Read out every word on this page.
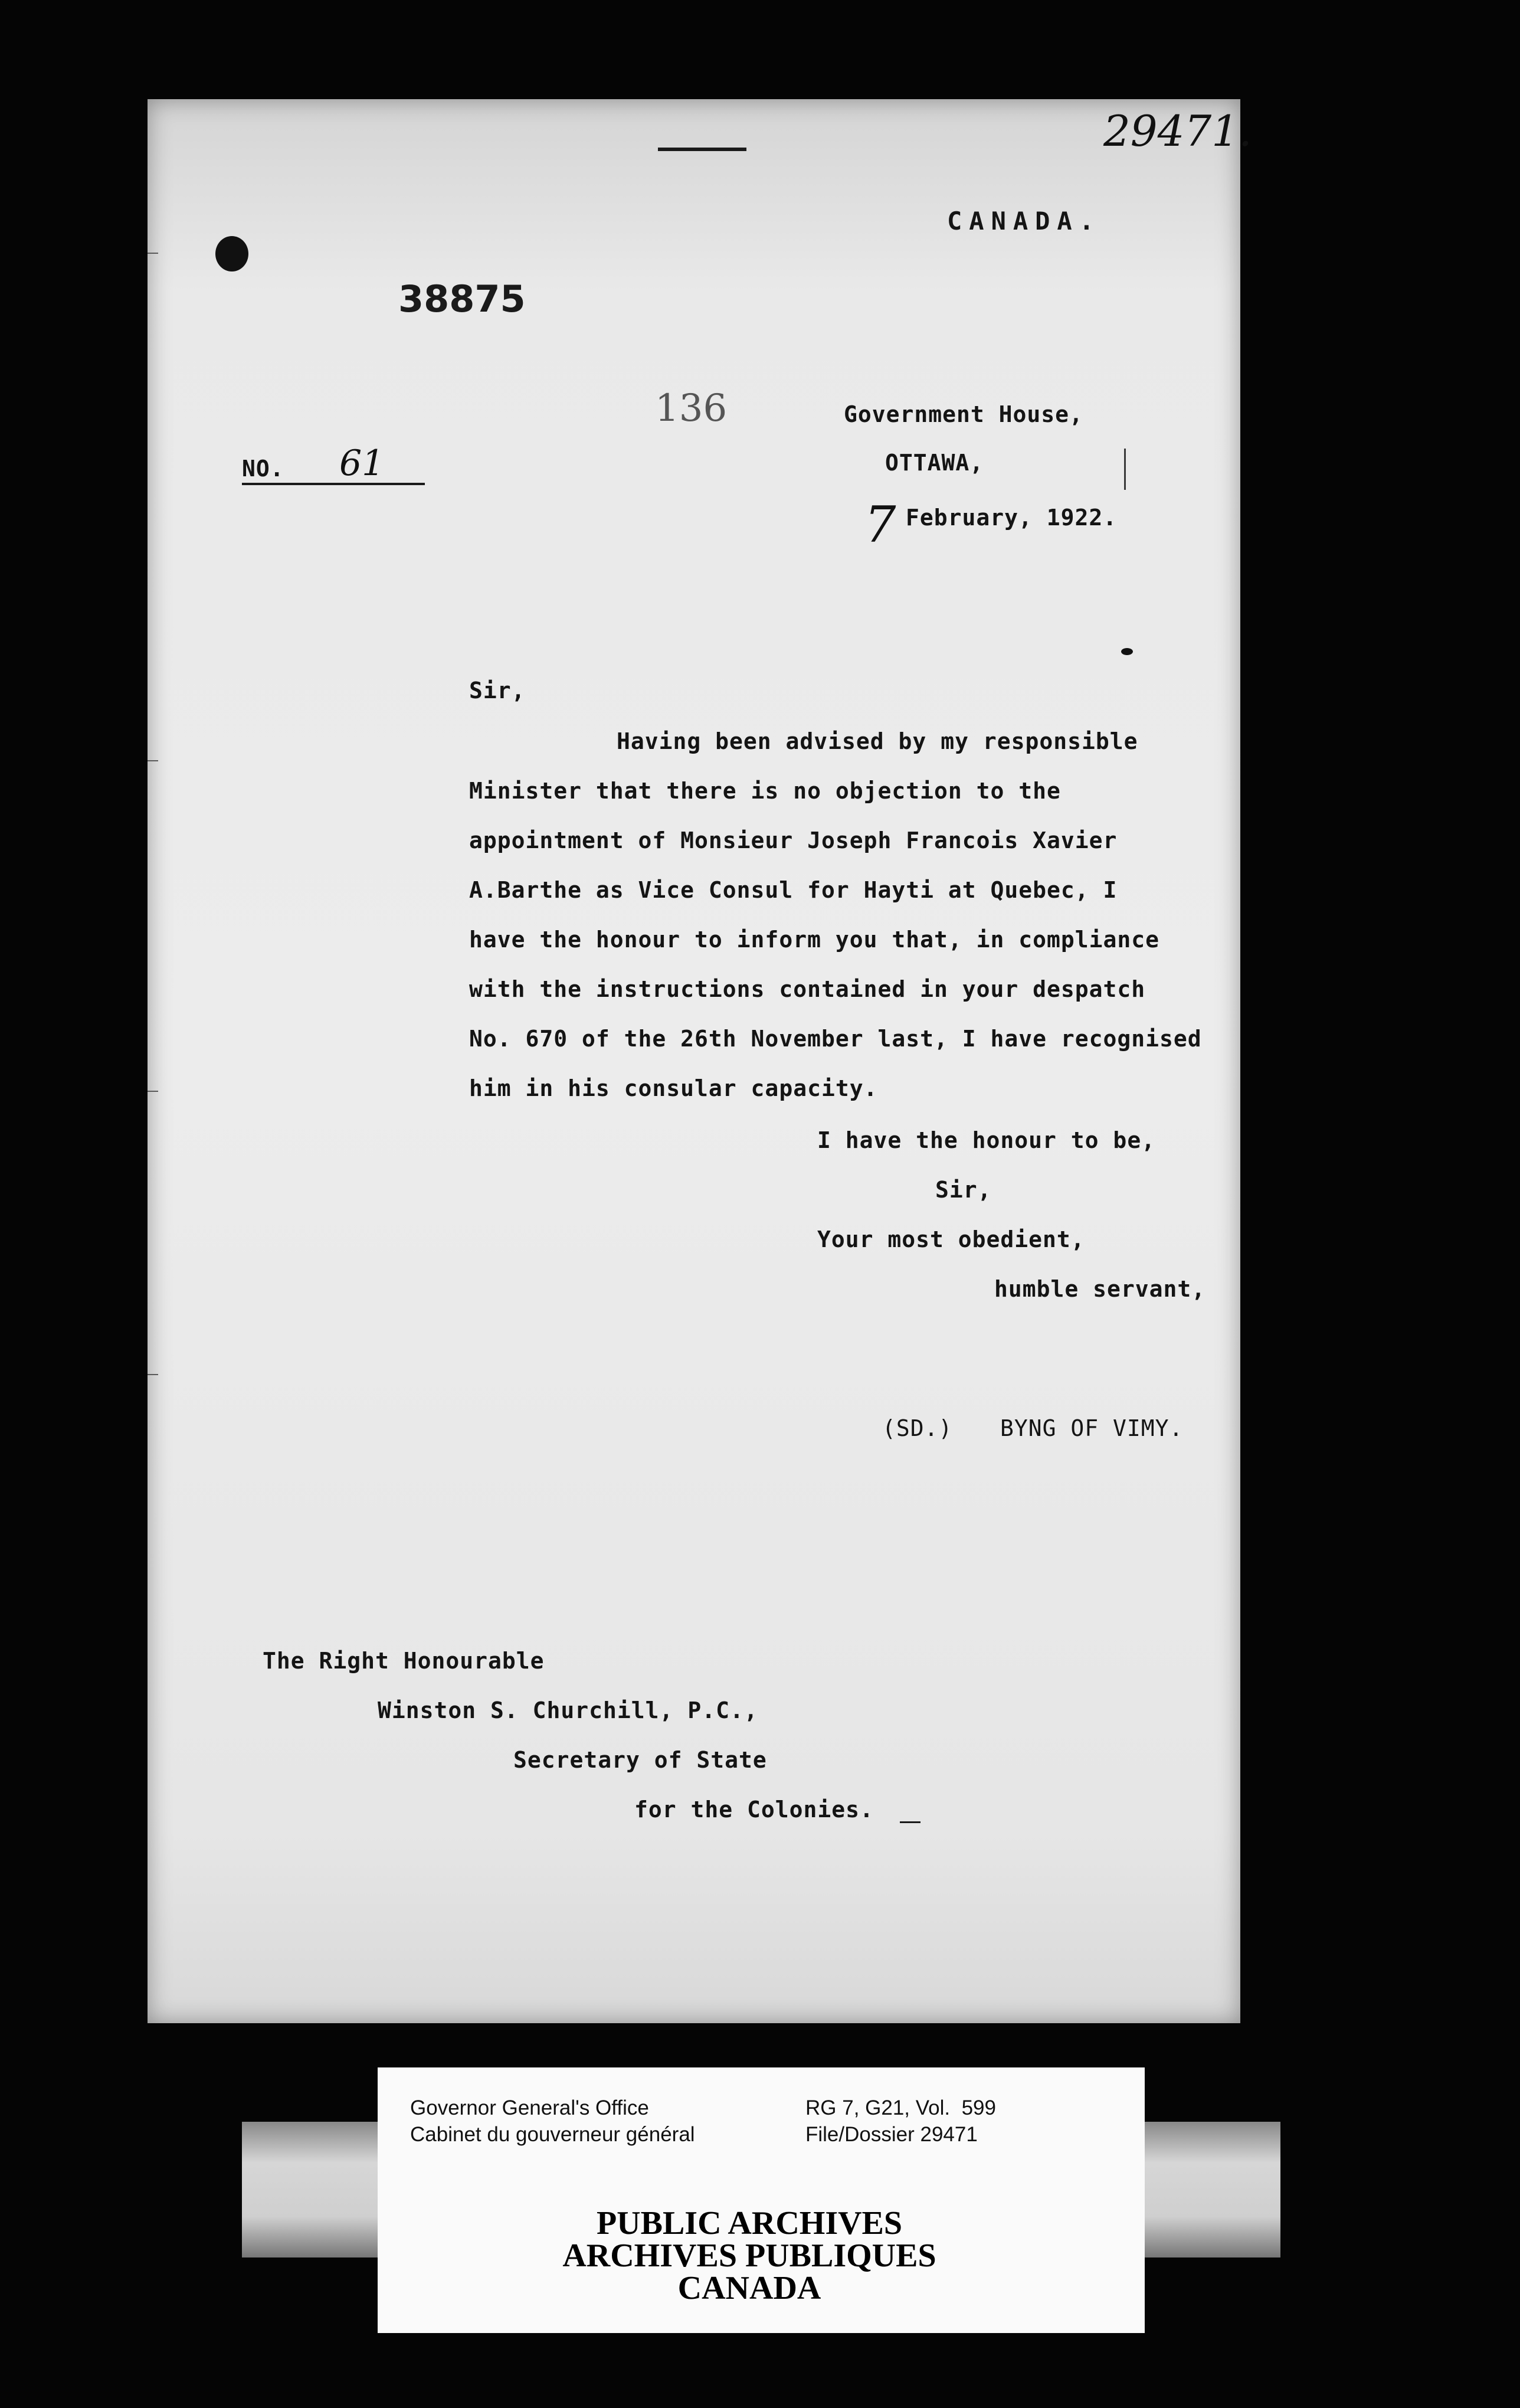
29471.
CANADA.
38875
136	Government House,
OTTAWA,
7 February, 1922.
NO. 61
Sir,
Having been advised by my responsible
Minister that there is no objection to the
appointment of Monsieur Joseph Francois Xavier
A.Barthe as Vice Consul for Hayti at Quebec, I
have the honour to inform you that, in compliance
with the instructions contained in your despatch
No. 670 of the 26th November last, I have recognised
him in his consular capacity.
I have the honour to be,
Sir,
Your most obedient,
humble servant,
(SD.) BYNG OF VIMY.
The Right Honourable
Winston S. Churchill, P.C.,
Secretary of State
for the Colonies.
Governor General's Office
Cabinet du gouverneur général
RG 7, G21, Vol.  599
File/Dossier 29471
PUBLIC ARCHIVES
ARCHIVES PUBLIQUES
CANADA
